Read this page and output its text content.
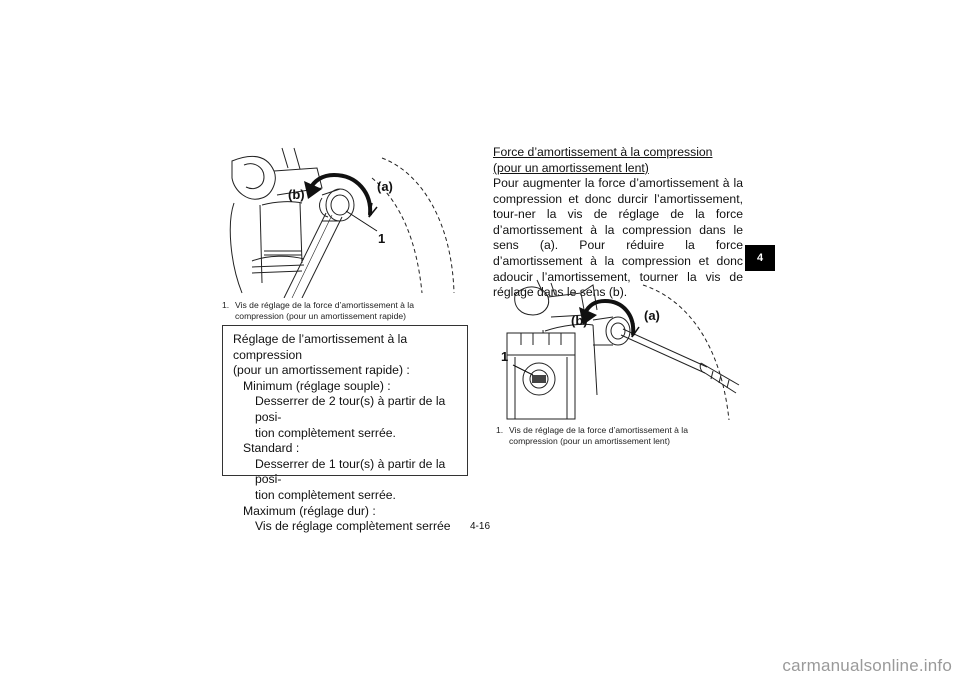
(b)
(a)
1
1. Vis de réglage de la force d’amortissement à la
compression (pour un amortissement rapide)
Réglage de l’amortissement à la compression
(pour un amortissement rapide) :
Minimum (réglage souple) :
Desserrer de 2 tour(s) à partir de la posi-
tion complètement serrée.
Standard :
Desserrer de 1 tour(s) à partir de la posi-
tion complètement serrée.
Maximum (réglage dur) :
Vis de réglage complètement serrée
Force d’amortissement à la compression (pour un amortissement lent)
Pour augmenter la force d’amortissement à la compression et donc durcir l’amortissement, tour-ner la vis de réglage de la force d’amortissement à la compression dans le sens (a). Pour réduire la force d’amortissement à la compression et donc adoucir l’amortissement, tourner la vis de réglage dans le sens (b).
(b)	(a)
1
1. Vis de réglage de la force d’amortissement à la
compression (pour un amortissement lent)
4
4-16
carmanualsonline.info
